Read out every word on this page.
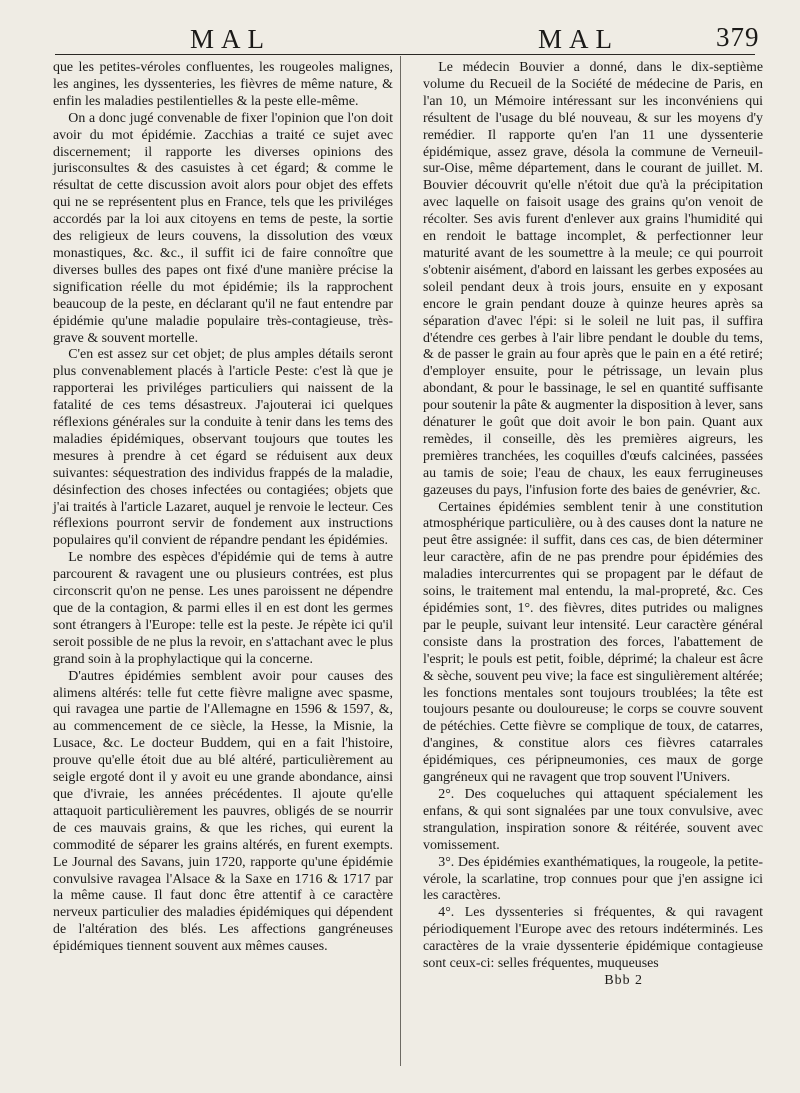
MAL	MAL	379

que les petites-véroles confluentes, les rougeoles malignes, les angines, les dyssenteries, les fièvres de même nature, & enfin les maladies pestilentielles & la peste elle-même.

On a donc jugé convenable de fixer l'opinion que l'on doit avoir du mot épidémie. Zacchias a traité ce sujet avec discernement; il rapporte les diverses opinions des jurisconsultes & des casuistes à cet égard; & comme le résultat de cette discussion avoit alors pour objet des effets qui ne se représentent plus en France, tels que les priviléges accordés par la loi aux citoyens en tems de peste, la sortie des religieux de leurs couvens, la dissolution des vœux monastiques, &c. &c., il suffit ici de faire connoître que diverses bulles des papes ont fixé d'une manière précise la signification réelle du mot épidémie; ils la rapprochent beaucoup de la peste, en déclarant qu'il ne faut entendre par épidémie qu'une maladie populaire très-contagieuse, très-grave & souvent mortelle.

C'en est assez sur cet objet; de plus amples détails seront plus convenablement placés à l'article Peste: c'est là que je rapporterai les priviléges particuliers qui naissent de la fatalité de ces tems désastreux. J'ajouterai ici quelques réflexions générales sur la conduite à tenir dans les tems des maladies épidémiques, observant toujours que toutes les mesures à prendre à cet égard se réduisent aux deux suivantes: séquestration des individus frappés de la maladie, désinfection des choses infectées ou contagiées; objets que j'ai traités à l'article Lazaret, auquel je renvoie le lecteur. Ces réflexions pourront servir de fondement aux instructions populaires qu'il convient de répandre pendant les épidémies.

Le nombre des espèces d'épidémie qui de tems à autre parcourent & ravagent une ou plusieurs contrées, est plus circonscrit qu'on ne pense. Les unes paroissent ne dépendre que de la contagion, & parmi elles il en est dont les germes sont étrangers à l'Europe: telle est la peste. Je répète ici qu'il seroit possible de ne plus la revoir, en s'attachant avec le plus grand soin à la prophylactique qui la concerne.

D'autres épidémies semblent avoir pour causes des alimens altérés: telle fut cette fièvre maligne avec spasme, qui ravagea une partie de l'Allemagne en 1596 & 1597, &, au commencement de ce siècle, la Hesse, la Misnie, la Lusace, &c. Le docteur Buddem, qui en a fait l'histoire, prouve qu'elle étoit due au blé altéré, particulièrement au seigle ergoté dont il y avoit eu une grande abondance, ainsi que d'ivraie, les années précédentes. Il ajoute qu'elle attaquoit particulièrement les pauvres, obligés de se nourrir de ces mauvais grains, & que les riches, qui eurent la commodité de séparer les grains altérés, en furent exempts. Le Journal des Savans, juin 1720, rapporte qu'une épidémie convulsive ravagea l'Alsace & la Saxe en 1716 & 1717 par la même cause. Il faut donc être attentif à ce caractère nerveux particulier des maladies épidémiques qui dépendent de l'altération des blés. Les affections gangréneuses épidémiques tiennent souvent aux mêmes causes.

Le médecin Bouvier a donné, dans le dix-septième volume du Recueil de la Société de médecine de Paris, en l'an 10, un Mémoire intéressant sur les inconvéniens qui résultent de l'usage du blé nouveau, & sur les moyens d'y remédier. Il rapporte qu'en l'an 11 une dyssenterie épidémique, assez grave, désola la commune de Verneuil-sur-Oise, même département, dans le courant de juillet. M. Bouvier découvrit qu'elle n'étoit due qu'à la précipitation avec laquelle on faisoit usage des grains qu'on venoit de récolter. Ses avis furent d'enlever aux grains l'humidité qui en rendoit le battage incomplet, & perfectionner leur maturité avant de les soumettre à la meule; ce qui pourroit s'obtenir aisément, d'abord en laissant les gerbes exposées au soleil pendant deux à trois jours, ensuite en y exposant encore le grain pendant douze à quinze heures après sa séparation d'avec l'épi: si le soleil ne luit pas, il suffira d'étendre ces gerbes à l'air libre pendant le double du tems, & de passer le grain au four après que le pain en a été retiré; d'employer ensuite, pour le pétrissage, un levain plus abondant, & pour le bassinage, le sel en quantité suffisante pour soutenir la pâte & augmenter la disposition à lever, sans dénaturer le goût que doit avoir le bon pain. Quant aux remèdes, il conseille, dès les premières aigreurs, les premières tranchées, les coquilles d'œufs calcinées, passées au tamis de soie; l'eau de chaux, les eaux ferrugineuses gazeuses du pays, l'infusion forte des baies de genévrier, &c.

Certaines épidémies semblent tenir à une constitution atmosphérique particulière, ou à des causes dont la nature ne peut être assignée: il suffit, dans ces cas, de bien déterminer leur caractère, afin de ne pas prendre pour épidémies des maladies intercurrentes qui se propagent par le défaut de soins, le traitement mal entendu, la mal-propreté, &c. Ces épidémies sont, 1°. des fièvres, dites putrides ou malignes par le peuple, suivant leur intensité. Leur caractère général consiste dans la prostration des forces, l'abattement de l'esprit; le pouls est petit, foible, déprimé; la chaleur est âcre & sèche, souvent peu vive; la face est singulièrement altérée; les fonctions mentales sont toujours troublées; la tête est toujours pesante ou douloureuse; le corps se couvre souvent de pétéchies. Cette fièvre se complique de toux, de catarres, d'angines, & constitue alors ces fièvres catarrales épidémiques, ces péripneumonies, ces maux de gorge gangréneux qui ne ravagent que trop souvent l'Univers.

2°. Des coqueluches qui attaquent spécialement les enfans, & qui sont signalées par une toux convulsive, avec strangulation, inspiration sonore & réitérée, souvent avec vomissement.

3°. Des épidémies exanthématiques, la rougeole, la petite-vérole, la scarlatine, trop connues pour que j'en assigne ici les caractères.

4°. Les dyssenteries si fréquentes, & qui ravagent périodiquement l'Europe avec des retours indéterminés. Les caractères de la vraie dyssenterie épidémique contagieuse sont ceux-ci: selles fréquentes, muqueuses

Bbb 2
